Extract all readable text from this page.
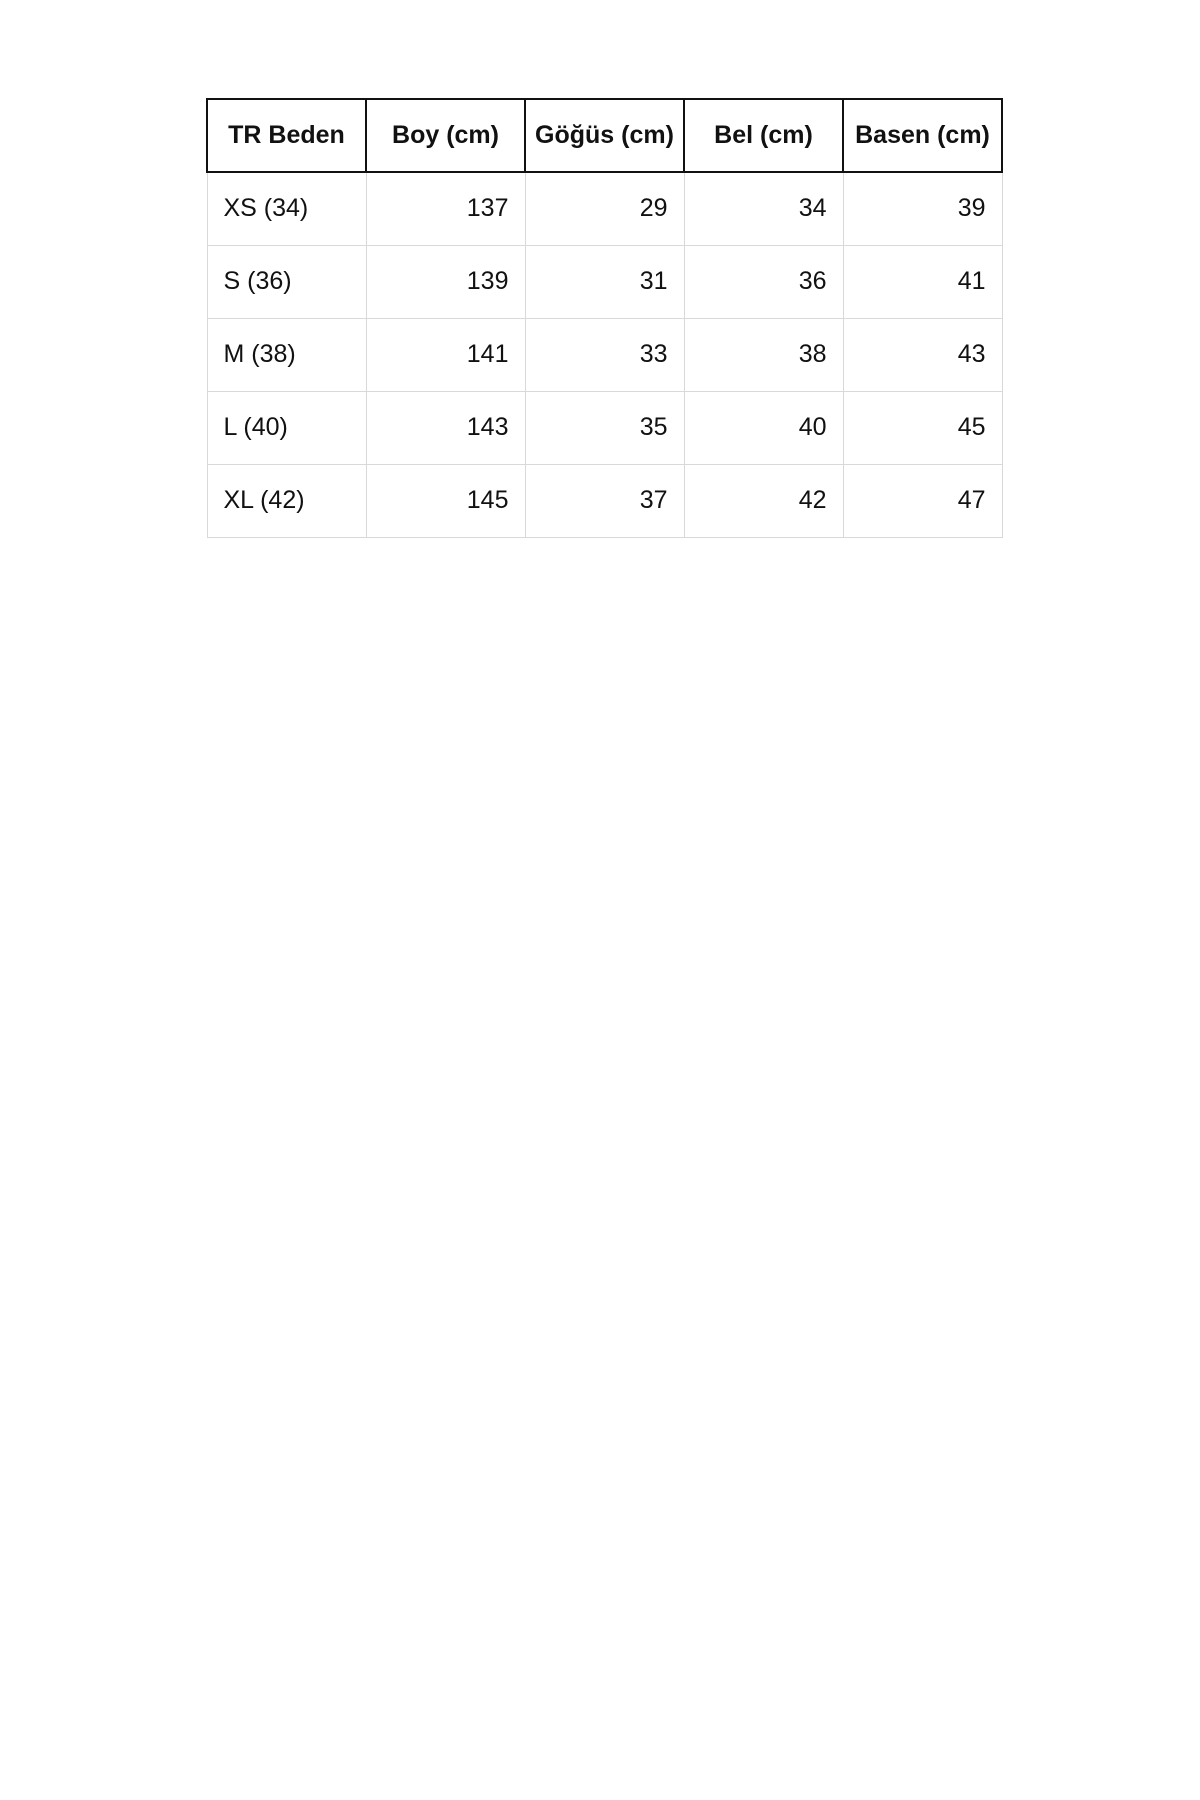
TR Beden	Boy (cm)	Göğüs (cm)	Bel (cm)	Basen (cm)
XS (34)	137	29	34	39
S (36)	139	31	36	41
M (38)	141	33	38	43
L (40)	143	35	40	45
XL (42)	145	37	42	47
